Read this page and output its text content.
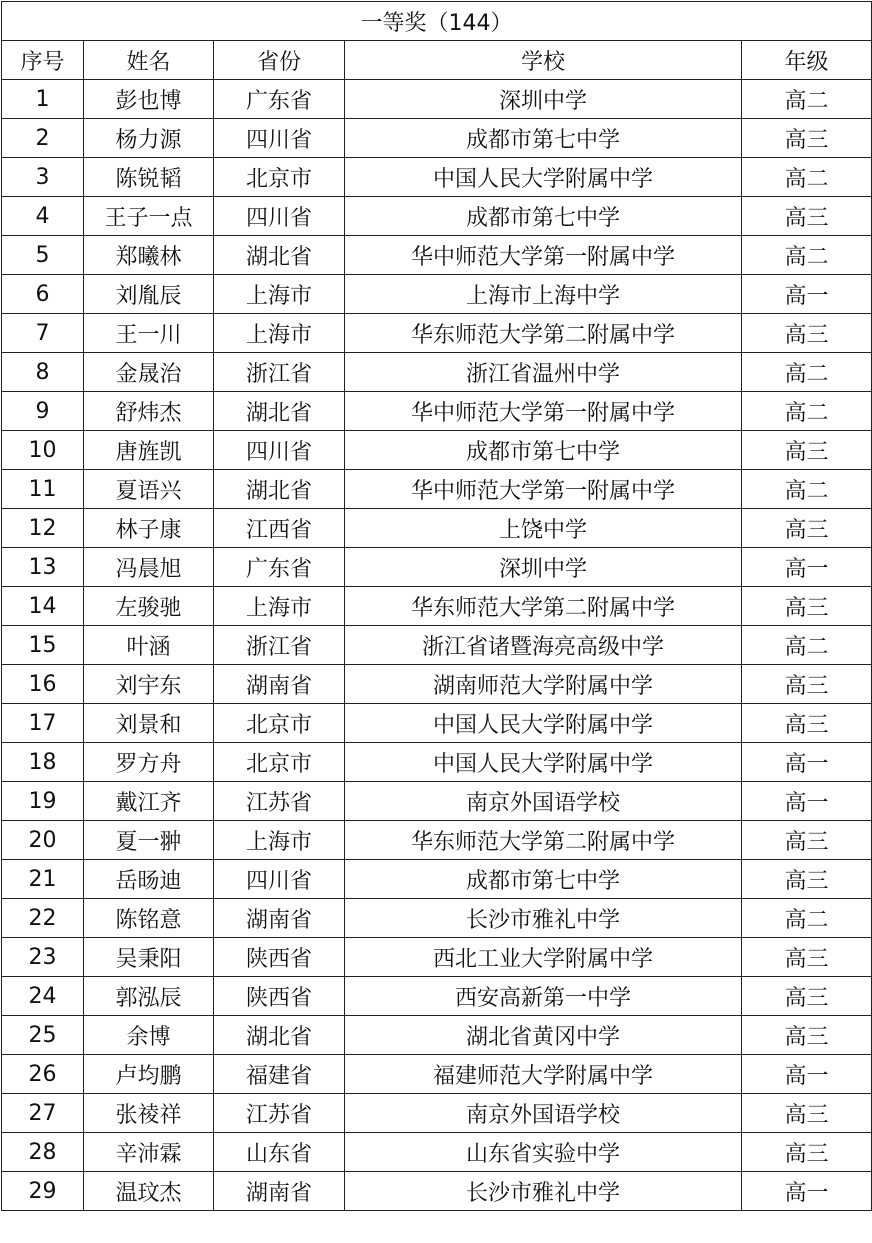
一等奖（144）				
序号	姓名	省份	学校	年级
1	彭也博	广东省	深圳中学	高二
2	杨力源	四川省	成都市第七中学	高三
3	陈锐韬	北京市	中国人民大学附属中学	高二
4	王子一点	四川省	成都市第七中学	高三
5	郑曦林	湖北省	华中师范大学第一附属中学	高二
6	刘胤辰	上海市	上海市上海中学	高一
7	王一川	上海市	华东师范大学第二附属中学	高三
8	金晟治	浙江省	浙江省温州中学	高二
9	舒炜杰	湖北省	华中师范大学第一附属中学	高二
10	唐旌凯	四川省	成都市第七中学	高三
11	夏语兴	湖北省	华中师范大学第一附属中学	高二
12	林子康	江西省	上饶中学	高三
13	冯晨旭	广东省	深圳中学	高一
14	左骏驰	上海市	华东师范大学第二附属中学	高三
15	叶涵	浙江省	浙江省诸暨海亮高级中学	高二
16	刘宇东	湖南省	湖南师范大学附属中学	高三
17	刘景和	北京市	中国人民大学附属中学	高三
18	罗方舟	北京市	中国人民大学附属中学	高一
19	戴江齐	江苏省	南京外国语学校	高一
20	夏一翀	上海市	华东师范大学第二附属中学	高三
21	岳旸迪	四川省	成都市第七中学	高三
22	陈铭意	湖南省	长沙市雅礼中学	高二
23	吴秉阳	陕西省	西北工业大学附属中学	高三
24	郭泓辰	陕西省	西安高新第一中学	高三
25	余博	湖北省	湖北省黄冈中学	高三
26	卢均鹏	福建省	福建师范大学附属中学	高一
27	张祾祥	江苏省	南京外国语学校	高三
28	辛沛霖	山东省	山东省实验中学	高三
29	温玟杰	湖南省	长沙市雅礼中学	高一
